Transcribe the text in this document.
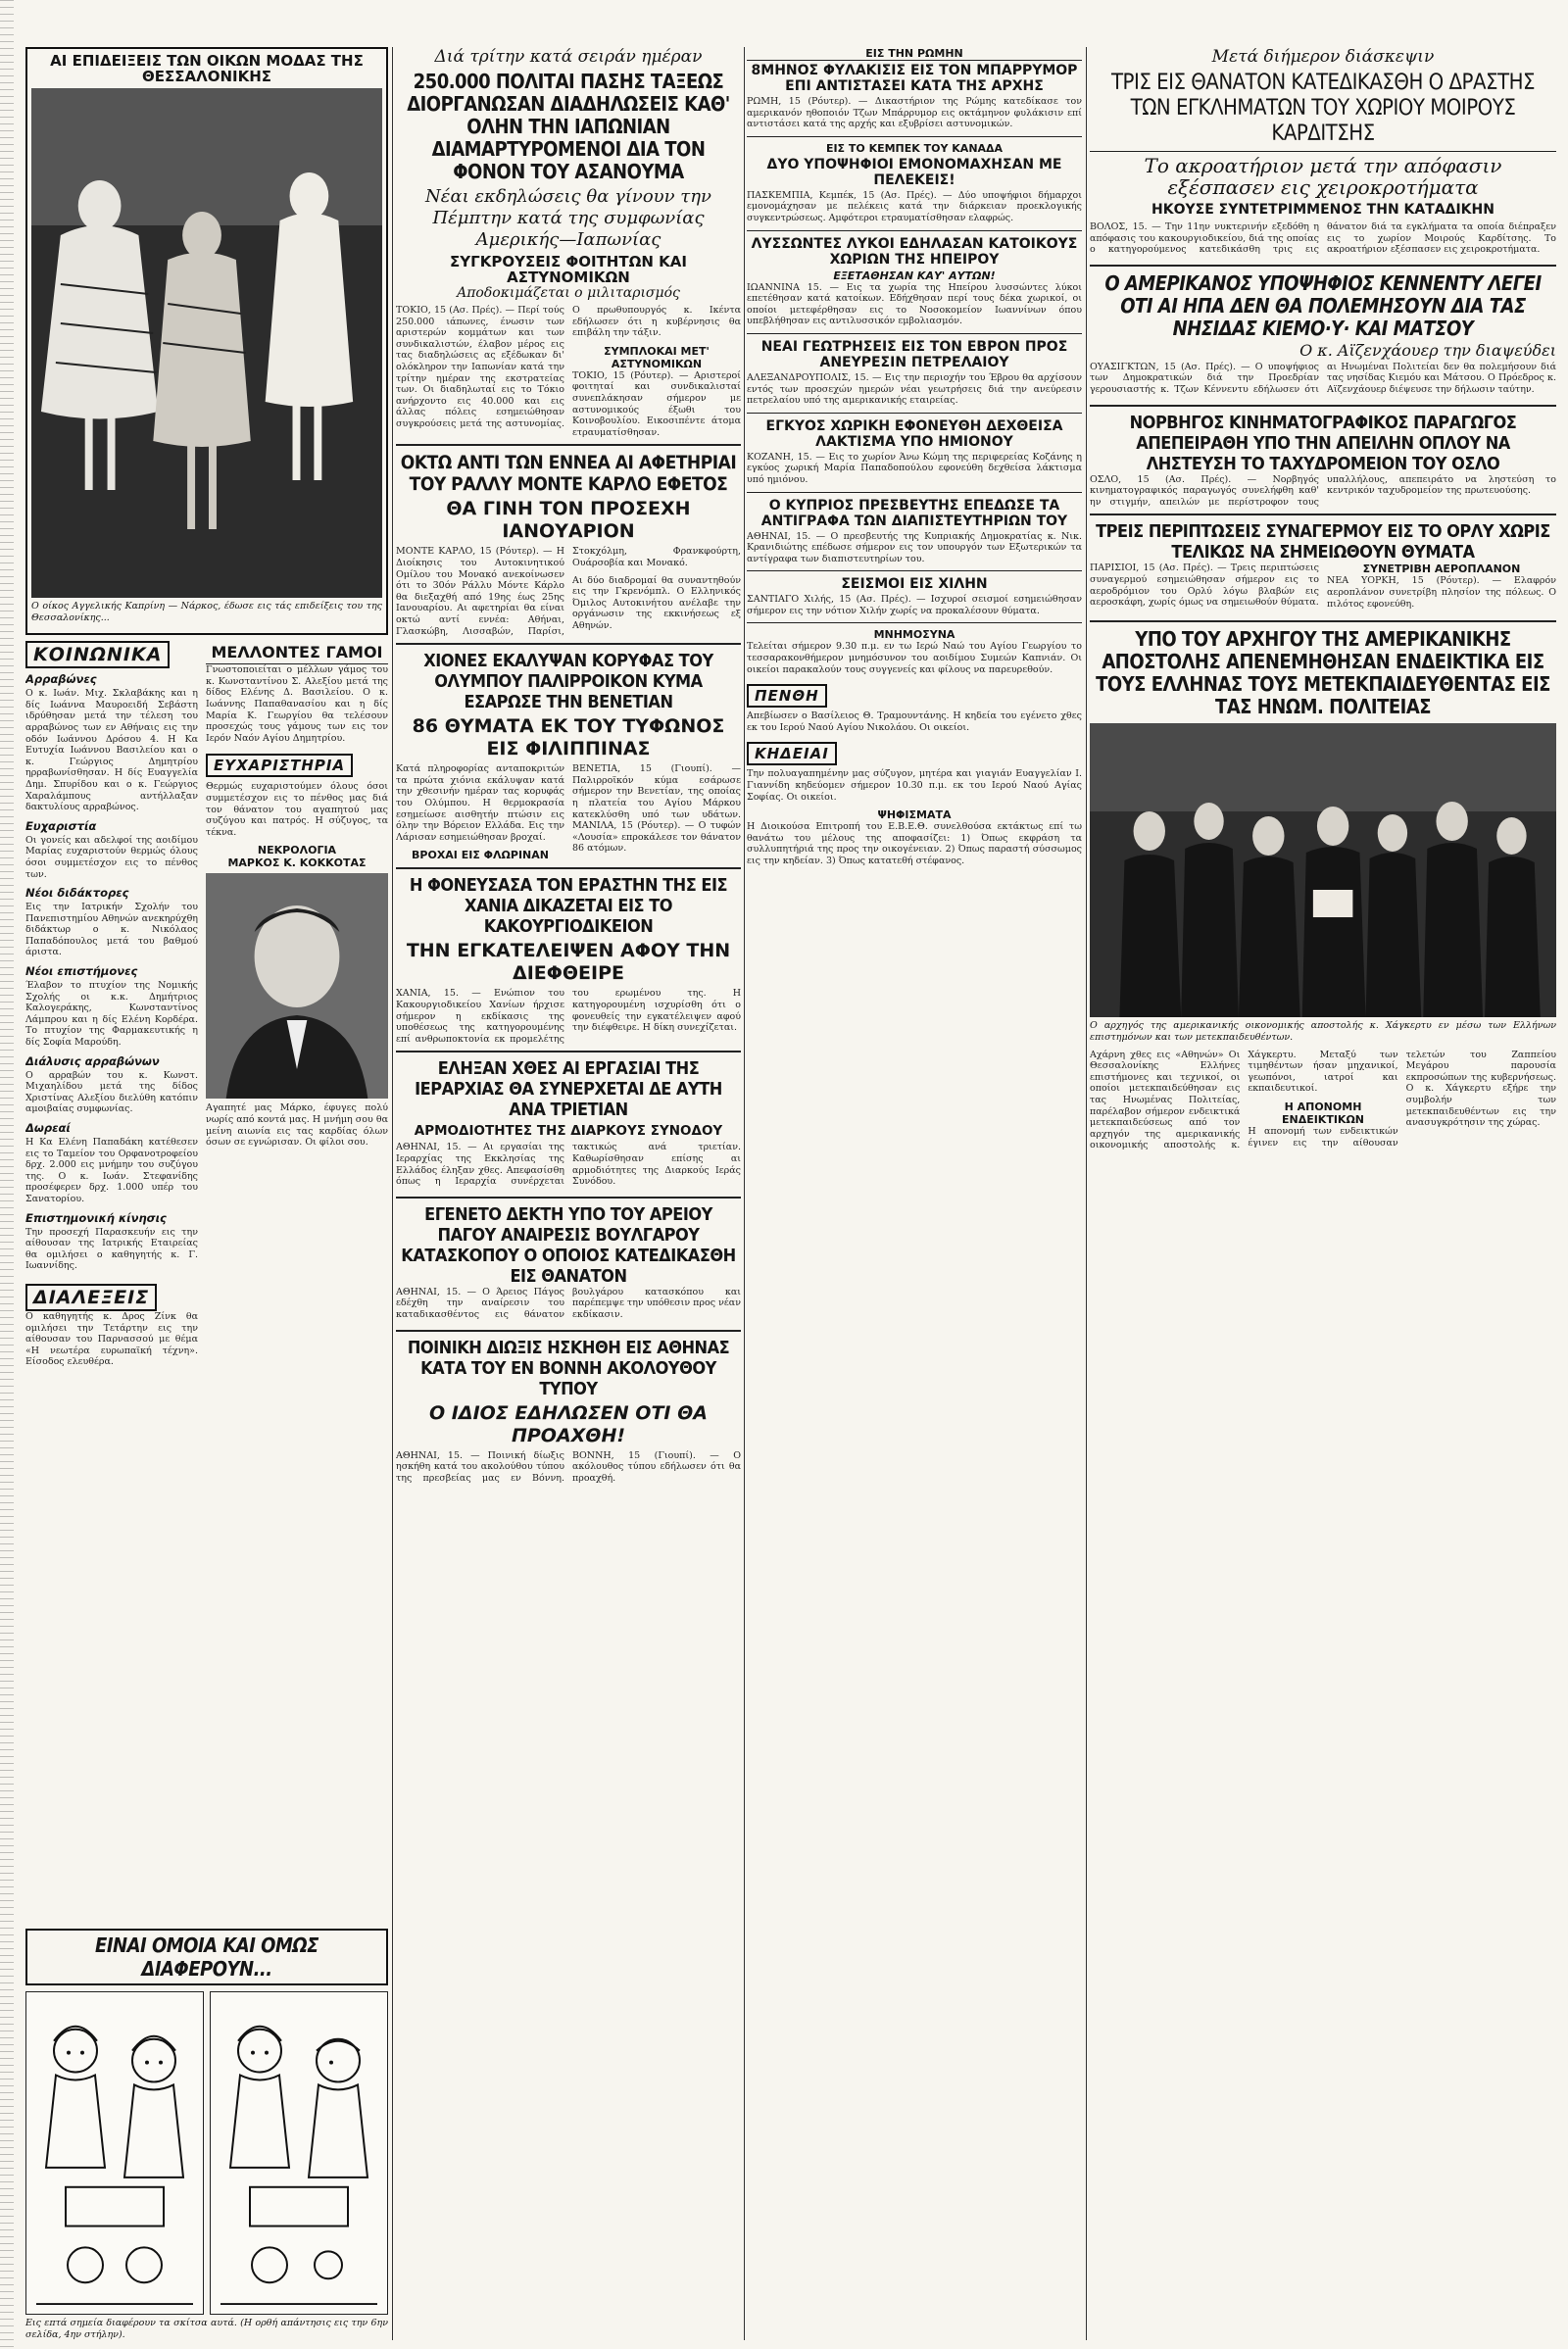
ΑΙ ΕΠΙΔΕΙΞΕΙΣ ΤΩΝ ΟΙΚΩΝ ΜΟΔΑΣ ΤΗΣ ΘΕΣΣΑΛΟΝΙΚΗΣ

Ο οίκος Αγγελικής Καπρίνη — Νάρκος, έδωσε εις τάς επιδείξεις του της Θεσσαλονίκης...

ΚΟΙΝΩΝΙΚΑ
Αρραβώνες

Ο κ. Ιωάν. Μιχ. Σκλαβάκης και η δίς Ιωάννα Μαυροειδή Σεβάστη ιδρύθησαν μετά την τέλεση του αρραβώνος των εν Αθήναις εις την οδόν Ιωάννου Δρόσου 4. Η Κα Ευτυχία Ιωάννου Βασιλείου και ο κ. Γεώργιος Δημητρίου ηρραβωνίσθησαν. Η δίς Ευαγγελία Δημ. Σπυρίδου και ο κ. Γεώργιος Χαραλάμπους αντήλλαξαν δακτυλίους αρραβώνος.

Ευχαριστία

Οι γονείς και αδελφοί της αοιδίμου Μαρίας ευχαριστούν θερμώς όλους όσοι συμμετέσχον εις το πένθος των.

Νέοι διδάκτορες

Εις την Ιατρικήν Σχολήν του Πανεπιστημίου Αθηνών ανεκηρύχθη διδάκτωρ ο κ. Νικόλαος Παπαδόπουλος μετά του βαθμού άριστα.

Νέοι επιστήμονες

Έλαβον το πτυχίον της Νομικής Σχολής οι κ.κ. Δημήτριος Καλογεράκης, Κωνσταντίνος Λάμπρου και η δίς Ελένη Κορδέρα. Το πτυχίον της Φαρμακευτικής η δίς Σοφία Μαρούδη.

Διάλυσις αρραβώνων

Ο αρραβών του κ. Κωνστ. Μιχαηλίδου μετά της δίδος Χριστίνας Αλεξίου διελύθη κατόπιν αμοιβαίας συμφωνίας.

Δωρεαί

Η Κα Ελένη Παπαδάκη κατέθεσεν εις το Ταμείον του Ορφανοτροφείου δρχ. 2.000 εις μνήμην του συζύγου της. Ο κ. Ιωάν. Στεφανίδης προσέφερεν δρχ. 1.000 υπέρ του Σανατορίου.

Επιστημονική κίνησις

Την προσεχή Παρασκευήν εις την αίθουσαν της Ιατρικής Εταιρείας θα ομιλήσει ο καθηγητής κ. Γ. Ιωαννίδης.

ΔΙΑΛΕΞΕΙΣ

Ο καθηγητής κ. Δρος Ζίνκ θα ομιλήσει την Τετάρτην εις την αίθουσαν του Παρνασσού με θέμα «Η νεωτέρα ευρωπαϊκή τέχνη». Είσοδος ελευθέρα.

ΜΕΛΛΟΝΤΕΣ ΓΑΜΟΙ

Γνωστοποιείται ο μέλλων γάμος του κ. Κωνσταντίνου Σ. Αλεξίου μετά της δίδος Ελένης Δ. Βασιλείου. Ο κ. Ιωάννης Παπαθανασίου και η δίς Μαρία Κ. Γεωργίου θα τελέσουν προσεχώς τους γάμους των εις τον Ιερόν Ναόν Αγίου Δημητρίου.

ΕΥΧΑΡΙΣΤΗΡΙΑ

Θερμώς ευχαριστούμεν όλους όσοι συμμετέσχον εις το πένθος μας διά τον θάνατον του αγαπητού μας συζύγου και πατρός. Η σύζυγος, τα τέκνα.

ΝΕΚΡΟΛΟΓΙΑ
ΜΑΡΚΟΣ Κ. ΚΟΚΚΟΤΑΣ

Αγαπητέ μας Μάρκο, έφυγες πολύ νωρίς από κοντά μας. Η μνήμη σου θα μείνη αιωνία εις τας καρδίας όλων όσων σε εγνώρισαν. Οι φίλοι σου.

Διά τρίτην κατά σειράν ημέραν
250.000 ΠΟΛΙΤΑΙ ΠΑΣΗΣ ΤΑΞΕΩΣ ΔΙΟΡΓΑΝΩΣΑΝ ΔΙΑΔΗΛΩΣΕΙΣ ΚΑΘ' ΟΛΗΝ ΤΗΝ ΙΑΠΩΝΙΑΝ ΔΙΑΜΑΡΤΥΡΟΜΕΝΟΙ ΔΙΑ ΤΟΝ ΦΟΝΟΝ ΤΟΥ ΑΣΑΝΟΥΜΑ
Νέαι εκδηλώσεις θα γίνουν την Πέμπτην κατά της συμφωνίας Αμερικής—Ιαπωνίας
ΣΥΓΚΡΟΥΣΕΙΣ ΦΟΙΤΗΤΩΝ ΚΑΙ ΑΣΤΥΝΟΜΙΚΩΝ
Αποδοκιμάζεται ο μιλιταρισμός

ΤΟΚΙΟ, 15 (Ασ. Πρές). — Περί τούς 250.000 ιάπωνες, ένωσιν των αριστερών κομμάτων και των συνδικαλιστών, έλαβον μέρος εις τας διαδηλώσεις ας εξέδωκαν δι' ολόκληρον την Ιαπωνίαν κατά την τρίτην ημέραν της εκστρατείας των. Οι διαδηλωταί εις το Τόκιο ανήρχοντο εις 40.000 και εις άλλας πόλεις εσημειώθησαν συγκρούσεις μετά της αστυνομίας. Ο πρωθυπουργός κ. Ικέντα εδήλωσεν ότι η κυβέρνησις θα επιβάλη την τάξιν.

ΣΥΜΠΛΟΚΑΙ ΜΕΤ' ΑΣΤΥΝΟΜΙΚΩΝ

ΤΟΚΙΟ, 15 (Ρόυτερ). — Αριστεροί φοιτηταί και συνδικαλισταί συνεπλάκησαν σήμερον με αστυνομικούς έξωθι του Κοινοβουλίου. Εικοσιπέντε άτομα ετραυματίσθησαν.

ΟΚΤΩ ΑΝΤΙ ΤΩΝ ΕΝΝΕΑ ΑΙ ΑΦΕΤΗΡΙΑΙ ΤΟΥ ΡΑΛΛΥ ΜΟΝΤΕ ΚΑΡΛΟ ΕΦΕΤΟΣ
ΘΑ ΓΙΝΗ ΤΟΝ ΠΡΟΣΕΧΗ ΙΑΝΟΥΑΡΙΟΝ

ΜΟΝΤΕ ΚΑΡΛΟ, 15 (Ρόυτερ). — Η Διοίκησις του Αυτοκινητικού Ομίλου του Μονακό ανεκοίνωσεν ότι το 30όν Ράλλυ Μόντε Κάρλο θα διεξαχθή από 19ης έως 25ης Ιανουαρίου. Αι αφετηρίαι θα είναι οκτώ αντί εννέα: Αθήναι, Γλασκώβη, Λισσαβών, Παρίσι, Στοκχόλμη, Φρανκφούρτη, Ουάρσοβία και Μονακό.

Αι δύο διαδρομαί θα συναντηθούν εις την Γκρενόμπλ. Ο Ελληνικός Όμιλος Αυτοκινήτου ανέλαβε την οργάνωσιν της εκκινήσεως εξ Αθηνών.

ΧΙΟΝΕΣ ΕΚΑΛΥΨΑΝ ΚΟΡΥΦΑΣ ΤΟΥ ΟΛΥΜΠΟΥ ΠΑΛΙΡΡΟΙΚΟΝ ΚΥΜΑ ΕΣΑΡΩΣΕ ΤΗΝ ΒΕΝΕΤΙΑΝ
86 ΘΥΜΑΤΑ ΕΚ ΤΟΥ ΤΥΦΩΝΟΣ ΕΙΣ ΦΙΛΙΠΠΙΝΑΣ

Κατά πληροφορίας ανταποκριτών τα πρώτα χιόνια εκάλυψαν κατά την χθεσινήν ημέραν τας κορυφάς του Ολύμπου. Η θερμοκρασία εσημείωσε αισθητήν πτώσιν εις όλην την Βόρειον Ελλάδα. Εις την Λάρισαν εσημειώθησαν βροχαί.

ΒΡΟΧΑΙ ΕΙΣ ΦΛΩΡΙΝΑΝ

ΒΕΝΕΤΙΑ, 15 (Γιουπί). — Παλιρροϊκόν κύμα εσάρωσε σήμερον την Βενετίαν, της οποίας η πλατεία του Αγίου Μάρκου κατεκλύσθη υπό των υδάτων. ΜΑΝΙΛΑ, 15 (Ρόυτερ). — Ο τυφών «Λουσία» επροκάλεσε τον θάνατον 86 ατόμων.

Η ΦΟΝΕΥΣΑΣΑ ΤΟΝ ΕΡΑΣΤΗΝ ΤΗΣ ΕΙΣ ΧΑΝΙΑ ΔΙΚΑΖΕΤΑΙ ΕΙΣ ΤΟ ΚΑΚΟΥΡΓΙΟΔΙΚΕΙΟΝ
ΤΗΝ ΕΓΚΑΤΕΛΕΙΨΕΝ ΑΦΟΥ ΤΗΝ ΔΙΕΦΘΕΙΡΕ

ΧΑΝΙΑ, 15. — Ενώπιον του Κακουργιοδικείου Χανίων ήρχισε σήμερον η εκδίκασις της υποθέσεως της κατηγορουμένης επί ανθρωποκτονία εκ προμελέτης του ερωμένου της. Η κατηγορουμένη ισχυρίσθη ότι ο φονευθείς την εγκατέλειψεν αφού την διέφθειρε. Η δίκη συνεχίζεται.

ΕΛΗΞΑΝ ΧΘΕΣ ΑΙ ΕΡΓΑΣΙΑΙ ΤΗΣ ΙΕΡΑΡΧΙΑΣ ΘΑ ΣΥΝΕΡΧΕΤΑΙ ΔΕ ΑΥΤΗ ΑΝΑ ΤΡΙΕΤΙΑΝ
ΑΡΜΟΔΙΟΤΗΤΕΣ ΤΗΣ ΔΙΑΡΚΟΥΣ ΣΥΝΟΔΟΥ

ΑΘΗΝΑΙ, 15. — Αι εργασίαι της Ιεραρχίας της Εκκλησίας της Ελλάδος έληξαν χθες. Απεφασίσθη όπως η Ιεραρχία συνέρχεται τακτικώς ανά τριετίαν. Καθωρίσθησαν επίσης αι αρμοδιότητες της Διαρκούς Ιεράς Συνόδου.

ΕΓΕΝΕΤΟ ΔΕΚΤΗ ΥΠΟ ΤΟΥ ΑΡΕΙΟΥ ΠΑΓΟΥ ΑΝΑΙΡΕΣΙΣ ΒΟΥΛΓΑΡΟΥ ΚΑΤΑΣΚΟΠΟΥ Ο ΟΠΟΙΟΣ ΚΑΤΕΔΙΚΑΣΘΗ ΕΙΣ ΘΑΝΑΤΟΝ

ΑΘΗΝΑΙ, 15. — Ο Άρειος Πάγος εδέχθη την αναίρεσιν του καταδικασθέντος εις θάνατον βουλγάρου κατασκόπου και παρέπεμψε την υπόθεσιν προς νέαν εκδίκασιν.

ΠΟΙΝΙΚΗ ΔΙΩΞΙΣ ΗΣΚΗΘΗ ΕΙΣ ΑΘΗΝΑΣ ΚΑΤΑ ΤΟΥ ΕΝ ΒΟΝΝΗ ΑΚΟΛΟΥΘΟΥ ΤΥΠΟΥ
Ο ΙΔΙΟΣ ΕΔΗΛΩΣΕΝ ΟΤΙ ΘΑ ΠΡΟΑΧΘΗ!

ΑΘΗΝΑΙ, 15. — Ποινική δίωξις ησκήθη κατά του ακολούθου τύπου της πρεσβείας μας εν Βόννη. ΒΟΝΝΗ, 15 (Γιουπί). — Ο ακόλουθος τύπου εδήλωσεν ότι θα προαχθή.

ΕΙΣ ΤΗΝ ΡΩΜΗΝ
8ΜΗΝΟΣ ΦΥΛΑΚΙΣΙΣ ΕΙΣ ΤΟΝ ΜΠΑΡΡΥΜΟΡ ΕΠΙ ΑΝΤΙΣΤΑΣΕΙ ΚΑΤΑ ΤΗΣ ΑΡΧΗΣ

ΡΩΜΗ, 15 (Ρόυτερ). — Δικαστήριον της Ρώμης κατεδίκασε τον αμερικανόν ηθοποιόν Τζων Μπάρρυμορ εις οκτάμηνον φυλάκισιν επί αντιστάσει κατά της αρχής και εξυβρίσει αστυνομικών.

ΕΙΣ ΤΟ ΚΕΜΠΕΚ ΤΟΥ ΚΑΝΑΔΑ
ΔΥΟ ΥΠΟΨΗΦΙΟΙ ΕΜΟΝΟΜΑΧΗΣΑΝ ΜΕ ΠΕΛΕΚΕΙΣ!

ΠΑΣΚΕΜΠΙΑ, Κεμπέκ, 15 (Ασ. Πρές). — Δύο υποψήφιοι δήμαρχοι εμονομάχησαν με πελέκεις κατά την διάρκειαν προεκλογικής συγκεντρώσεως. Αμφότεροι ετραυματίσθησαν ελαφρώς.

ΛΥΣΣΩΝΤΕΣ ΛΥΚΟΙ ΕΔΗΛΑΣΑΝ ΚΑΤΟΙΚΟΥΣ ΧΩΡΙΩΝ ΤΗΣ ΗΠΕΙΡΟΥ
ΕΞΕΤΑΘΗΣΑΝ ΚΑΥ' ΑΥΤΩΝ!

ΙΩΑΝΝΙΝΑ 15. — Εις τα χωρία της Ηπείρου λυσσώντες λύκοι επετέθησαν κατά κατοίκων. Εδήχθησαν περί τους δέκα χωρικοί, οι οποίοι μετεφέρθησαν εις το Νοσοκομείον Ιωαννίνων όπου υπεβλήθησαν εις αντιλυσσικόν εμβολιασμόν.

ΝΕΑΙ ΓΕΩΤΡΗΣΕΙΣ ΕΙΣ ΤΟΝ ΕΒΡΟΝ ΠΡΟΣ ΑΝΕΥΡΕΣΙΝ ΠΕΤΡΕΛΑΙΟΥ

ΑΛΕΞΑΝΔΡΟΥΠΟΛΙΣ, 15. — Εις την περιοχήν του Έβρου θα αρχίσουν εντός των προσεχών ημερών νέαι γεωτρήσεις διά την ανεύρεσιν πετρελαίου υπό της αμερικανικής εταιρείας.

ΕΓΚΥΟΣ ΧΩΡΙΚΗ ΕΦΟΝΕΥΘΗ ΔΕΧΘΕΙΣΑ ΛΑΚΤΙΣΜΑ ΥΠΟ ΗΜΙΟΝΟΥ

ΚΟΖΑΝΗ, 15. — Εις το χωρίον Άνω Κώμη της περιφερείας Κοζάνης η εγκύος χωρική Μαρία Παπαδοπούλου εφονεύθη δεχθείσα λάκτισμα υπό ημιόνου.

Ο ΚΥΠΡΙΟΣ ΠΡΕΣΒΕΥΤΗΣ ΕΠΕΔΩΣΕ ΤΑ ΑΝΤΙΓΡΑΦΑ ΤΩΝ ΔΙΑΠΙΣΤΕΥΤΗΡΙΩΝ ΤΟΥ

ΑΘΗΝΑΙ, 15. — Ο πρεσβευτής της Κυπριακής Δημοκρατίας κ. Νικ. Κρανιδιώτης επέδωσε σήμερον εις τον υπουργόν των Εξωτερικών τα αντίγραφα των διαπιστευτηρίων του.

ΣΕΙΣΜΟΙ ΕΙΣ ΧΙΛΗΝ

ΣΑΝΤΙΑΓΟ Χιλής, 15 (Ασ. Πρές). — Ισχυροί σεισμοί εσημειώθησαν σήμερον εις την νότιον Χιλήν χωρίς να προκαλέσουν θύματα.

ΜΝΗΜΟΣΥΝΑ

Τελείται σήμερον 9.30 π.μ. εν τω Ιερώ Ναώ του Αγίου Γεωργίου το τεσσαρακονθήμερον μνημόσυνον του αοιδίμου Συμεών Καπνιάν. Οι οικείοι παρακαλούν τους συγγενείς και φίλους να παρευρεθούν.

ΠΕΝΘΗ

Απεβίωσεν ο Βασίλειος Θ. Τραμουντάνης. Η κηδεία του εγένετο χθες εκ του Ιερού Ναού Αγίου Νικολάου. Οι οικείοι.

ΚΗΔΕΙΑΙ

Την πολυαγαπημένην μας σύζυγον, μητέρα και γιαγιάν Ευαγγελίαν Ι. Γιαννίδη κηδεύομεν σήμερον 10.30 π.μ. εκ του Ιερού Ναού Αγίας Σοφίας. Οι οικείοι.

ΨΗΦΙΣΜΑΤΑ

Η Διοικούσα Επιτροπή του Ε.Β.Ε.Θ. συνελθούσα εκτάκτως επί τω θανάτω του μέλους της αποφασίζει: 1) Όπως εκφράση τα συλλυπητήριά της προς την οικογένειαν. 2) Όπως παραστή σύσσωμος εις την κηδείαν. 3) Όπως κατατεθή στέφανος.

Μετά διήμερον διάσκεψιν
ΤΡΙΣ ΕΙΣ ΘΑΝΑΤΟΝ ΚΑΤΕΔΙΚΑΣΘΗ Ο ΔΡΑΣΤΗΣ ΤΩΝ ΕΓΚΛΗΜΑΤΩΝ ΤΟΥ ΧΩΡΙΟΥ ΜΟΙΡΟΥΣ ΚΑΡΔΙΤΣΗΣ
Το ακροατήριον μετά την απόφασιν εξέσπασεν εις χειροκροτήματα
ΗΚΟΥΣΕ ΣΥΝΤΕΤΡΙΜΜΕΝΟΣ ΤΗΝ ΚΑΤΑΔΙΚΗΝ

ΒΟΛΟΣ, 15. — Την 11ην νυκτερινήν εξεδόθη η απόφασις του κακουργιοδικείου, διά της οποίας ο κατηγορούμενος κατεδικάσθη τρις εις θάνατον διά τα εγκλήματα τα οποία διέπραξεν εις το χωρίον Μοιρούς Καρδίτσης. Το ακροατήριον εξέσπασεν εις χειροκροτήματα.

Ο ΑΜΕΡΙΚΑΝΟΣ ΥΠΟΨΗΦΙΟΣ ΚΕΝΝΕΝΤΥ ΛΕΓΕΙ ΟΤΙ ΑΙ ΗΠΑ ΔΕΝ ΘΑ ΠΟΛΕΜΗΣΟΥΝ ΔΙΑ ΤΑΣ ΝΗΣΙΔΑΣ ΚΙΕΜΟ·Υ· ΚΑΙ ΜΑΤΣΟΥ
Ο κ. Αϊζενχάουερ την διαψεύδει

ΟΥΑΣΙΓΚΤΩΝ, 15 (Ασ. Πρές). — Ο υποψήφιος των Δημοκρατικών διά την Προεδρίαν γερουσιαστής κ. Τζων Κέννεντυ εδήλωσεν ότι αι Ηνωμέναι Πολιτείαι δεν θα πολεμήσουν διά τας νησίδας Κιεμόυ και Μάτσου. Ο Πρόεδρος κ. Αϊζενχάουερ διέψευσε την δήλωσιν ταύτην.

ΝΟΡΒΗΓΟΣ ΚΙΝΗΜΑΤΟΓΡΑΦΙΚΟΣ ΠΑΡΑΓΩΓΟΣ ΑΠΕΠΕΙΡΑΘΗ ΥΠΟ ΤΗΝ ΑΠΕΙΛΗΝ ΟΠΛΟΥ ΝΑ ΛΗΣΤΕΥΣΗ ΤΟ ΤΑΧΥΔΡΟΜΕΙΟΝ ΤΟΥ ΟΣΛΟ

ΟΣΛΟ, 15 (Ασ. Πρές). — Νορβηγός κινηματογραφικός παραγωγός συνελήφθη καθ' ην στιγμήν, απειλών με περίστροφον τους υπαλλήλους, απεπειράτο να ληστεύση το κεντρικόν ταχυδρομείον της πρωτευούσης.

ΤΡΕΙΣ ΠΕΡΙΠΤΩΣΕΙΣ ΣΥΝΑΓΕΡΜΟΥ ΕΙΣ ΤΟ ΟΡΛΥ ΧΩΡΙΣ ΤΕΛΙΚΩΣ ΝΑ ΣΗΜΕΙΩΘΟΥΝ ΘΥΜΑΤΑ

ΠΑΡΙΣΙΟΙ, 15 (Ασ. Πρές). — Τρεις περιπτώσεις συναγερμού εσημειώθησαν σήμερον εις το αεροδρόμιον του Ορλύ λόγω βλαβών εις αεροσκάφη, χωρίς όμως να σημειωθούν θύματα.

ΣΥΝΕΤΡΙΒΗ ΑΕΡΟΠΛΑΝΟΝ

ΝΕΑ ΥΟΡΚΗ, 15 (Ρόυτερ). — Ελαφρόν αεροπλάνον συνετρίβη πλησίον της πόλεως. Ο πιλότος εφονεύθη.

ΥΠΟ ΤΟΥ ΑΡΧΗΓΟΥ ΤΗΣ ΑΜΕΡΙΚΑΝΙΚΗΣ ΑΠΟΣΤΟΛΗΣ ΑΠΕΝΕΜΗΘΗΣΑΝ ΕΝΔΕΙΚΤΙΚΑ ΕΙΣ ΤΟΥΣ ΕΛΛΗΝΑΣ ΤΟΥΣ ΜΕΤΕΚΠΑΙΔΕΥΘΕΝΤΑΣ ΕΙΣ ΤΑΣ ΗΝΩΜ. ΠΟΛΙΤΕΙΑΣ

Ο αρχηγός της αμερικανικής οικονομικής αποστολής κ. Χάγκερτυ εν μέσω των Ελλήνων επιστημόνων και των μετεκπαιδευθέντων.

Αχάρνη χθες εις «Αθηνών» Οι Θεσσαλονίκης Ελλήνες επιστήμονες και τεχνικοί, οι οποίοι μετεκπαιδεύθησαν εις τας Ηνωμένας Πολιτείας, παρέλαβον σήμερον ενδεικτικά μετεκπαιδεύσεως από τον αρχηγόν της αμερικανικής οικονομικής αποστολής κ. Χάγκερτυ. Μεταξύ των τιμηθέντων ήσαν μηχανικοί, γεωπόνοι, ιατροί και εκπαιδευτικοί.

Η ΑΠΟΝΟΜΗ ΕΝΔΕΙΚΤΙΚΩΝ

Η απονομή των ενδεικτικών έγινεν εις την αίθουσαν τελετών του Ζαππείου Μεγάρου παρουσία εκπροσώπων της κυβερνήσεως. Ο κ. Χάγκερτυ εξήρε την συμβολήν των μετεκπαιδευθέντων εις την ανασυγκρότησιν της χώρας.

ΕΙΝΑΙ ΟΜΟΙΑ ΚΑΙ ΟΜΩΣ ΔΙΑΦΕΡΟΥΝ...

Εις επτά σημεία διαφέρουν τα σκίτσα αυτά. (Η ορθή απάντησις εις την 6ην σελίδα, 4ην στήλην).
